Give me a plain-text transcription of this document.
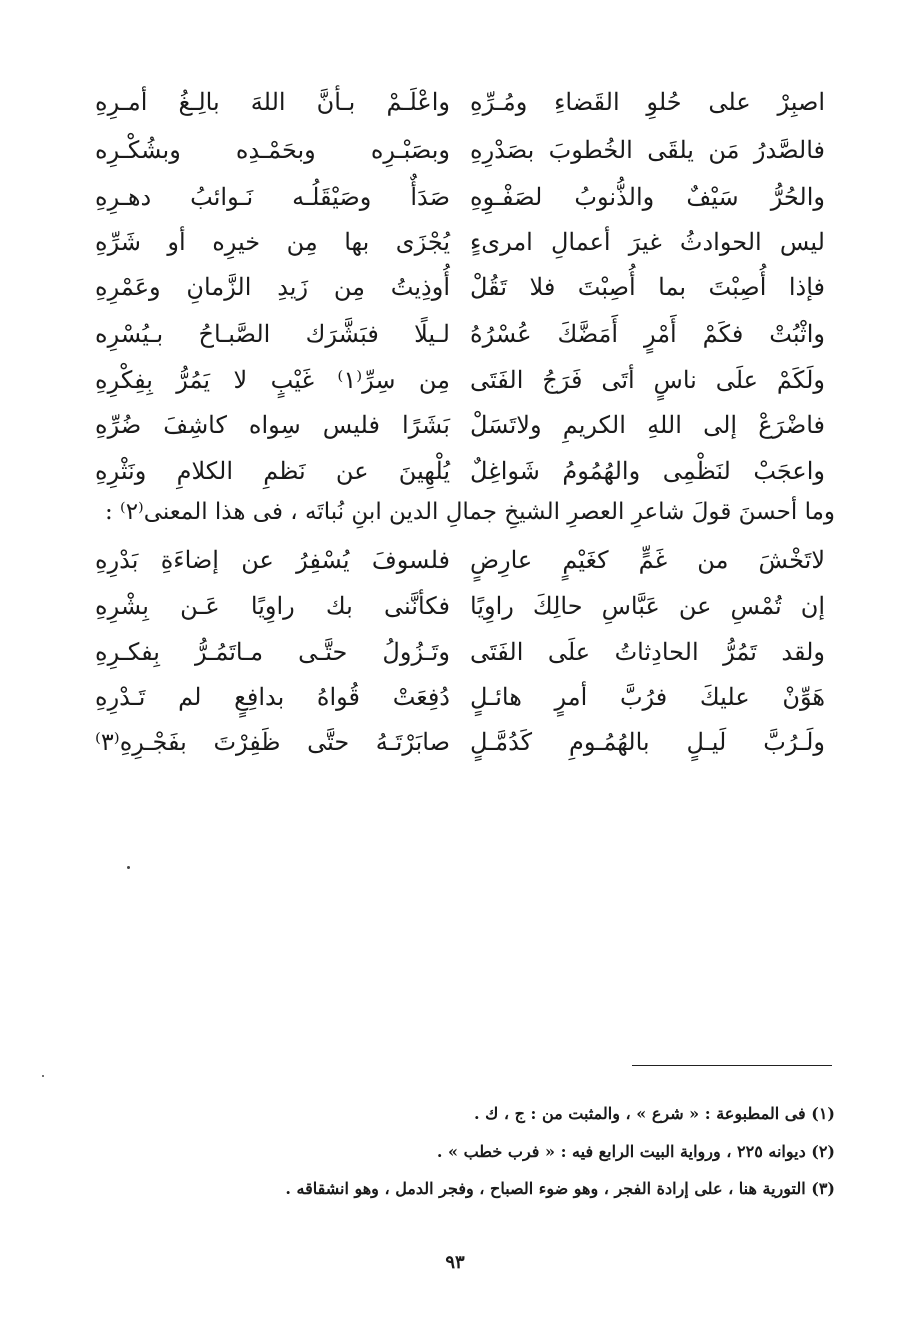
اصبِرْ على حُلوِ القَضاءِ ومُـرِّهِ
واعْلَـمْ بـأنَّ اللهَ بالِـغُ أمـرِهِ
فالصَّدرُ مَن يلقَى الخُطوبَ بصَدْرِهِ
وبصَبْـرِه وبحَمْـدِه وبشُكْـرِه
والحُرُّ سَيْفٌ والذُّنوبُ لصَفْـوِهِ
صَدَأٌ وصَيْقَلُـه نَـوائبُ دهـرِهِ
ليس الحوادثُ غيرَ أعمالِ امرىءٍ
يُجْزَى بها مِن خيرِه أو شَرِّهِ
فإذا أُصِبْتَ بما أُصِبْتَ فلا تَقُلْ
أُوذِيتُ مِن زَيدِ الزَّمانِ وعَمْرِهِ
واثْبُتْ فكَمْ أَمْرٍ أَمَضَّكَ عُسْرُهُ
لـيلًا فبَشَّرَك الصَّبـاحُ بـيُسْرِه
ولَكَمْ علَى ناسٍ أتَى فَرَجُ الفَتَى
مِن سِرِّ⁽١⁾ غَيْبٍ لا يَمُرُّ بِفِكْرِهِ
فاضْرَعْ إلى اللهِ الكريمِ ولاتَسَلْ
بَشَرًا فليس سِواه كاشِفَ ضُرِّهِ
واعجَبْ لنَظْمِى والهُمُومُ شَواغِلٌ
يُلْهِينَ عن نَظمِ الكلامِ ونَثْرِهِ
وما أحسنَ قولَ شاعرِ العصرِ الشيخِ جمالِ الدين ابنِ نُباتَه ، فى هذا المعنى⁽٢⁾ :
لاتَخْشَ من غَمٍّ كغَيْمٍ عارِضٍ
فلسوفَ يُسْفِرُ عن إضاءَةِ بَدْرِهِ
إن تُمْسِ عن عَبَّاسِ حالِكَ راوِيًا
فكأنَّنى بك راوِيًا عَـن بِشْرِهِ
ولقد تَمُرُّ الحادِثاتُ علَى الفَتَى
وتَـزُولُ حتَّـى مـاتَمُـرُّ بِفكـرِهِ
هَوِّنْ عليكَ فرُبَّ أمرٍ هائـلٍ
دُفِعَتْ قُواهُ بدافِعٍ لم تَـدْرِهِ
ولَـرُبَّ لَيـلٍ بالهُمُـومِ كَدُمَّـلٍ
صابَرْتَـهُ حتَّى ظَفِرْتَ بفَجْـرِهِ⁽٣⁾
(١) فى المطبوعة : « شرع » ، والمثبت من : ج ، ك .
(٢) ديوانه ٢٢٥ ، ورواية البيت الرابع فيه : « فرب خطب » .
(٣) التورية هنا ، على إرادة الفجر ، وهو ضوء الصباح ، وفجر الدمل ، وهو انشقاقه .
٩٣
